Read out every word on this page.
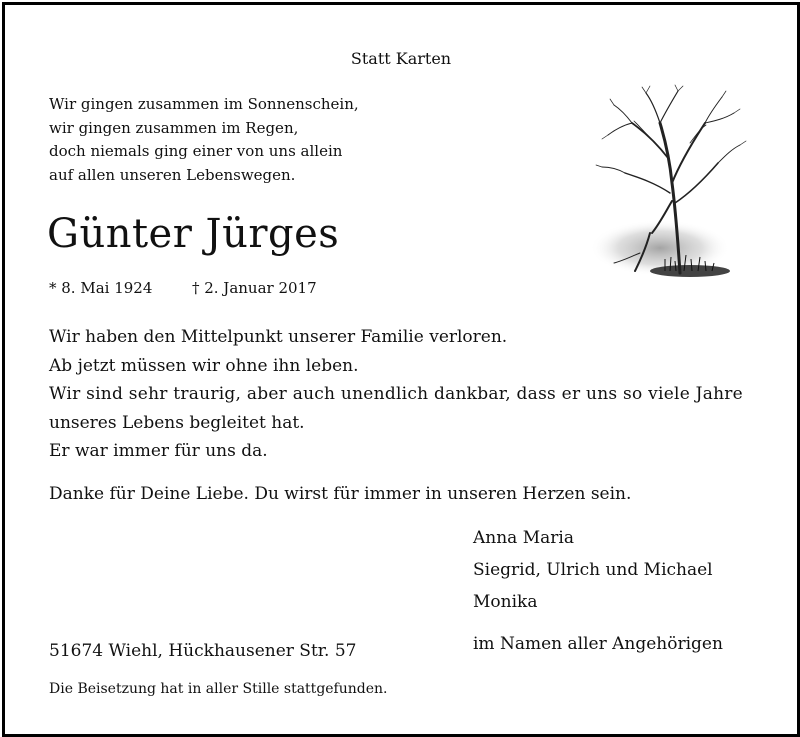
Statt Karten
Wir gingen zusammen im Sonnenschein,
wir gingen zusammen im Regen,
doch niemals ging einer von uns allein
auf allen unseren Lebenswegen.
Günter Jürges
* 8. Mai 1924	† 2. Januar 2017
Wir haben den Mittelpunkt unserer Familie verloren.
Ab jetzt müssen wir ohne ihn leben.
Wir sind sehr traurig, aber auch unendlich dankbar, dass er uns so viele Jahre
unseres Lebens begleitet hat.
Er war immer für uns da.
Danke für Deine Liebe. Du wirst für immer in unseren Herzen sein.
Anna Maria
Siegrid, Ulrich und Michael
Monika
im Namen aller Angehörigen
51674 Wiehl, Hückhausener Str. 57
Die Beisetzung hat in aller Stille stattgefunden.
